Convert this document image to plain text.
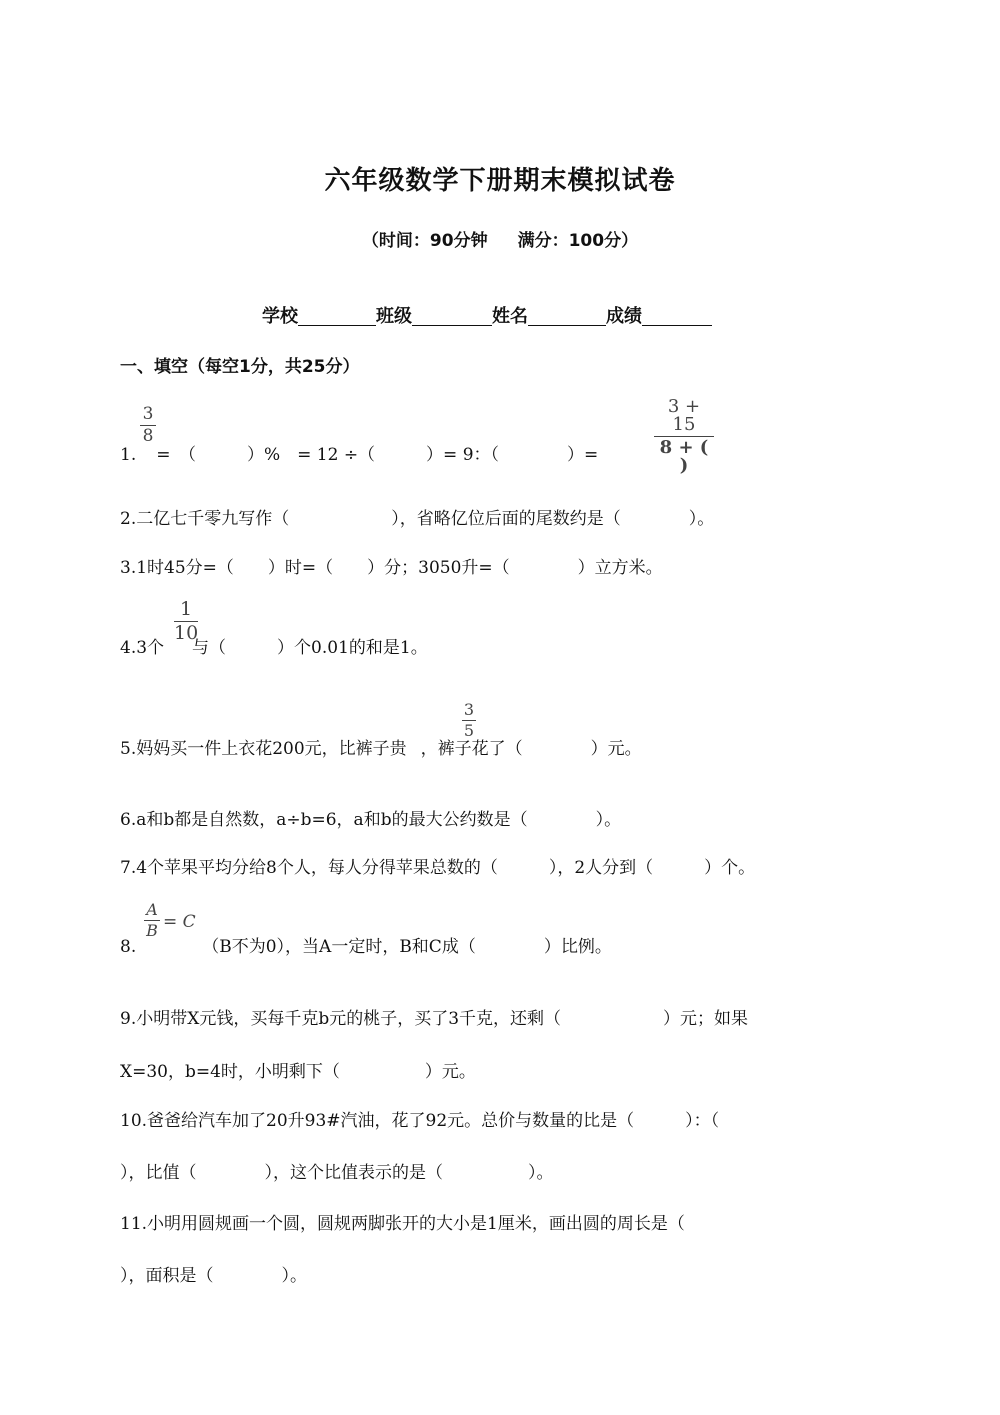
六年级数学下册期末模拟试卷
（时间：90分钟 满分：100分）
学校	班级	姓名	成绩
一、填空（每空1分，共25分）
3
8
1. =　（　　　）%　= 12 ÷（　　　）= 9：（　　　　）=
3 + 15
8 + ( )
2.二亿七千零九写作（　　　　　　），省略亿位后面的尾数约是（　　　　）。
3.1时45分=（　　）时=（　　）分；3050升=（　　　　）立方米。
4.3个 与（　　　）个0.01的和是1。
1
10
5.妈妈买一件上衣花200元，比裤子贵 ，裤子花了（　　　　）元。
3
5
6.a和b都是自然数，a÷b=6，a和b的最大公约数是（　　　　）。
7.4个苹果平均分给8个人，每人分得苹果总数的（　　　），2人分到（　　　）个。
8.	（B不为0），当A一定时，B和C成（　　　　）比例。
A
B = C
9.小明带X元钱，买每千克b元的桃子，买了3千克，还剩（　　　　　　）元；如果
X=30，b=4时，小明剩下（　　　　　）元。
10.爸爸给汽车加了20升93#汽油，花了92元。总价与数量的比是（　　　）：（
），比值（　　　　），这个比值表示的是（　　　　　）。
11.小明用圆规画一个圆，圆规两脚张开的大小是1厘米，画出圆的周长是（
），面积是（　　　　）。
